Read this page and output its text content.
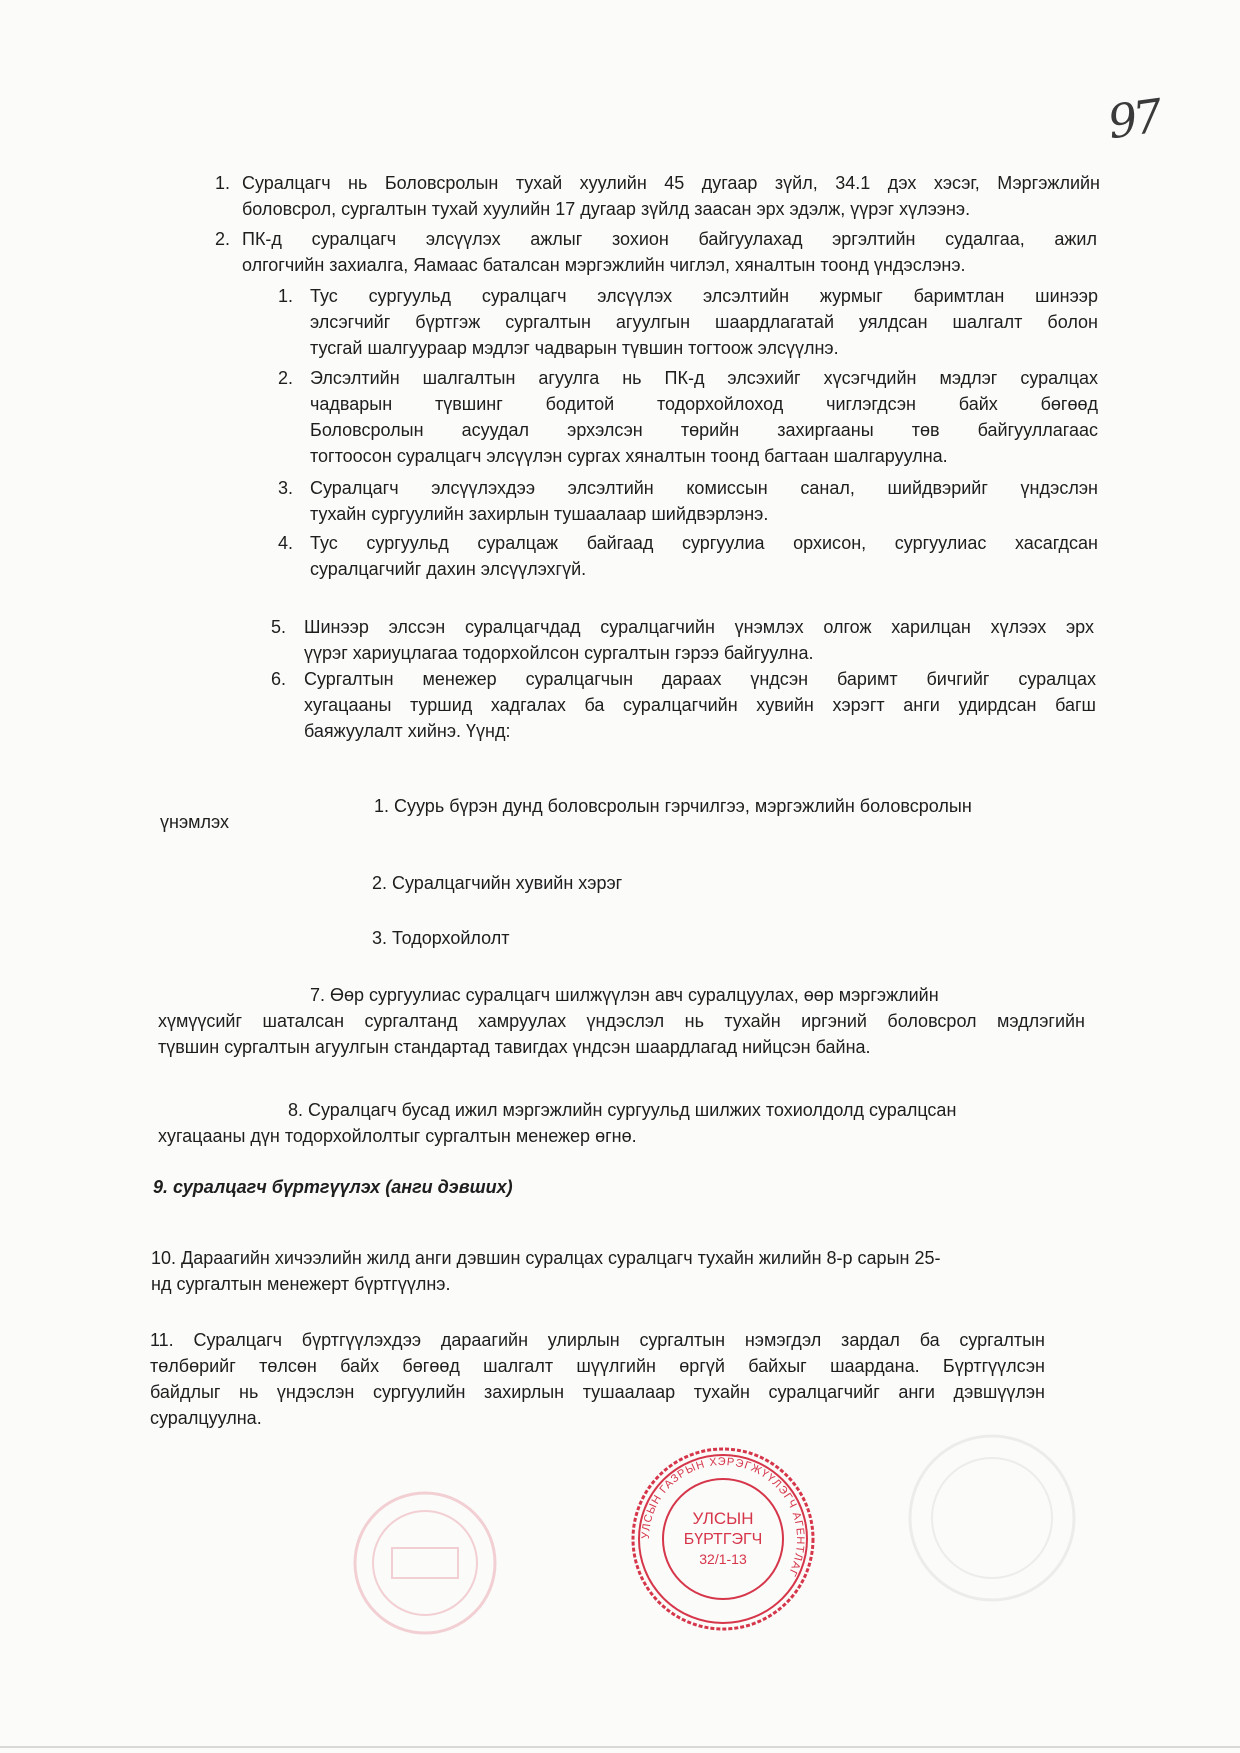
97
1. Суралцагч нь Боловсролын тухай хуулийн 45 дугаар зүйл, 34.1 дэх хэсэг, Мэргэжлийн
боловсрол, сургалтын тухай хуулийн 17 дугаар зүйлд заасан эрх эдэлж, үүрэг хүлээнэ.
2. ПК-д суралцагч элсүүлэх ажлыг зохион байгуулахад эргэлтийн судалгаа, ажил
олгогчийн захиалга, Яамаас баталсан мэргэжлийн чиглэл, хяналтын тоонд үндэслэнэ.
1. Тус сургуульд суралцагч элсүүлэх элсэлтийн журмыг баримтлан шинээр
элсэгчийг бүртгэж сургалтын агуулгын шаардлагатай уялдсан шалгалт болон
тусгай шалгуураар мэдлэг чадварын түвшин тогтоож элсүүлнэ.
2. Элсэлтийн шалгалтын агуулга нь ПК-д элсэхийг хүсэгчдийн мэдлэг суралцах
чадварын түвшинг бодитой тодорхойлоход чиглэгдсэн байх бөгөөд
Боловсролын асуудал эрхэлсэн төрийн захиргааны төв байгууллагаас
тогтоосон суралцагч элсүүлэн сургах хяналтын тоонд багтаан шалгаруулна.
3. Суралцагч элсүүлэхдээ элсэлтийн комиссын санал, шийдвэрийг үндэслэн
тухайн сургуулийн захирлын тушаалаар шийдвэрлэнэ.
4. Тус сургуульд суралцаж байгаад сургуулиа орхисон, сургуулиас хасагдсан
суралцагчийг дахин элсүүлэхгүй.
5. Шинээр элссэн суралцагчдад суралцагчийн үнэмлэх олгож харилцан хүлээх эрх
үүрэг хариуцлагаа тодорхойлсон сургалтын гэрээ байгуулна.
6. Сургалтын менежер суралцагчын дараах үндсэн баримт бичгийг суралцах
хугацааны туршид хадгалах ба суралцагчийн хувийн хэрэгт анги удирдсан багш
баяжуулалт хийнэ. Үүнд:
1. Суурь бүрэн дунд боловсролын гэрчилгээ, мэргэжлийн боловсролын
үнэмлэх
2. Суралцагчийн хувийн хэрэг
3. Тодорхойлолт
7. Өөр сургуулиас суралцагч шилжүүлэн авч суралцуулах, өөр мэргэжлийн
хүмүүсийг шаталсан сургалтанд хамруулах үндэслэл нь тухайн иргэний боловсрол мэдлэгийн
түвшин сургалтын агуулгын стандартад тавигдах үндсэн шаардлагад нийцсэн байна.
8. Суралцагч бусад ижил мэргэжлийн сургуульд шилжих тохиолдолд суралцсан
хугацааны дүн тодорхойлолтыг сургалтын менежер өгнө.
9. суралцагч бүртгүүлэх (анги дэвших)
10. Дараагийн хичээлийн жилд анги дэвшин суралцах суралцагч тухайн жилийн 8-р сарын 25-
нд сургалтын менежерт бүртгүүлнэ.
11. Суралцагч бүртгүүлэхдээ дараагийн улирлын сургалтын нэмэгдэл зардал ба сургалтын
төлбөрийг төлсөн байх бөгөөд шалгалт шүүлгийн өргүй байхыг шаардана. Бүртгүүлсэн
байдлыг нь үндэслэн сургуулийн захирлын тушаалаар тухайн суралцагчийг анги дэвшүүлэн
суралцуулна.
УЛСЫН ГАЗРЫН ХЭРЭГЖҮҮЛЭГЧ АГЕНТЛАГ
УЛСЫН
БҮРТГЭГЧ
32/1-13
